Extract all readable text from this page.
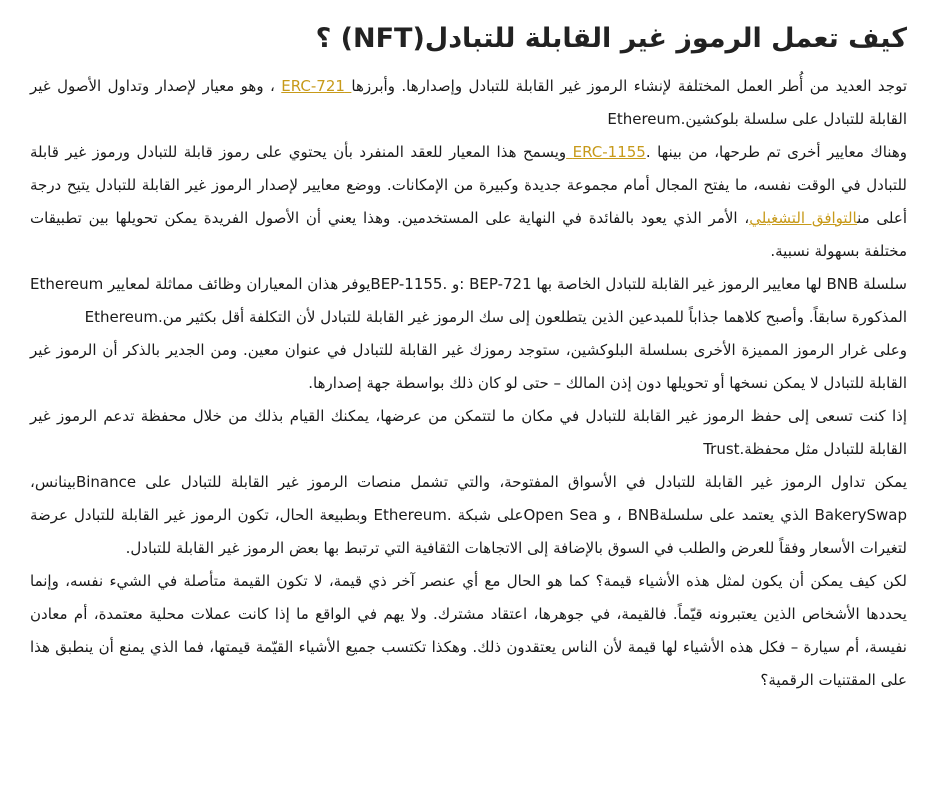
كيف تعمل الرموز غير القابلة للتبادل(NFT) ؟

توجد العديد من أُطر العمل المختلفة لإنشاء الرموز غير القابلة للتبادل وإصدارها. وأبرزها ERC-721 ، وهو معيار لإصدار وتداول الأصول غير القابلة للتبادل على سلسلة بلوكشين.Ethereum

وهناك معايير أخرى تم طرحها، من بينها .ERC-1155 ويسمح هذا المعيار للعقد المنفرد بأن يحتوي على رموز قابلة للتبادل ورموز غير قابلة للتبادل في الوقت نفسه، ما يفتح المجال أمام مجموعة جديدة وكبيرة من الإمكانات. ووضع معايير لإصدار الرموز غير القابلة للتبادل يتيح درجة أعلى منالتوافق التشغيلي، الأمر الذي يعود بالفائدة في النهاية على المستخدمين. وهذا يعني أن الأصول الفريدة يمكن تحويلها بين تطبيقات مختلفة بسهولة نسبية.

سلسلة BNB لها معايير الرموز غير القابلة للتبادل الخاصة بها BEP-721 :و .BEP-1155يوفر هذان المعياران وظائف مماثلة لمعايير Ethereum المذكورة سابقاً. وأصبح كلاهما جذاباً للمبدعين الذين يتطلعون إلى سك الرموز غير القابلة للتبادل لأن التكلفة أقل بكثير من.Ethereum

وعلى غرار الرموز المميزة الأخرى بسلسلة البلوكشين، ستوجد رموزك غير القابلة للتبادل في عنوان معين. ومن الجدير بالذكر أن الرموز غير القابلة للتبادل لا يمكن نسخها أو تحويلها دون إذن المالك – حتى لو كان ذلك بواسطة جهة إصدارها.

إذا كنت تسعى إلى حفظ الرموز غير القابلة للتبادل في مكان ما لتتمكن من عرضها، يمكنك القيام بذلك من خلال محفظة تدعم الرموز غير القابلة للتبادل مثل محفظة.Trust

يمكن تداول الرموز غير القابلة للتبادل في الأسواق المفتوحة، والتي تشمل منصات الرموز غير القابلة للتبادل على Binanceبينانس، BakerySwap الذي يعتمد على سلسلةBNB ، و Open Seaعلى شبكة .Ethereum وبطبيعة الحال، تكون الرموز غير القابلة للتبادل عرضة لتغيرات الأسعار وفقاً للعرض والطلب في السوق بالإضافة إلى الاتجاهات الثقافية التي ترتبط بها بعض الرموز غير القابلة للتبادل.

لكن كيف يمكن أن يكون لمثل هذه الأشياء قيمة؟ كما هو الحال مع أي عنصر آخر ذي قيمة، لا تكون القيمة متأصلة في الشيء نفسه، وإنما يحددها الأشخاص الذين يعتبرونه قيّماً. فالقيمة، في جوهرها، اعتقاد مشترك. ولا يهم في الواقع ما إذا كانت عملات محلية معتمدة، أم معادن نفيسة، أم سيارة – فكل هذه الأشياء لها قيمة لأن الناس يعتقدون ذلك. وهكذا تكتسب جميع الأشياء القيّمة قيمتها، فما الذي يمنع أن ينطبق هذا على المقتنيات الرقمية؟
